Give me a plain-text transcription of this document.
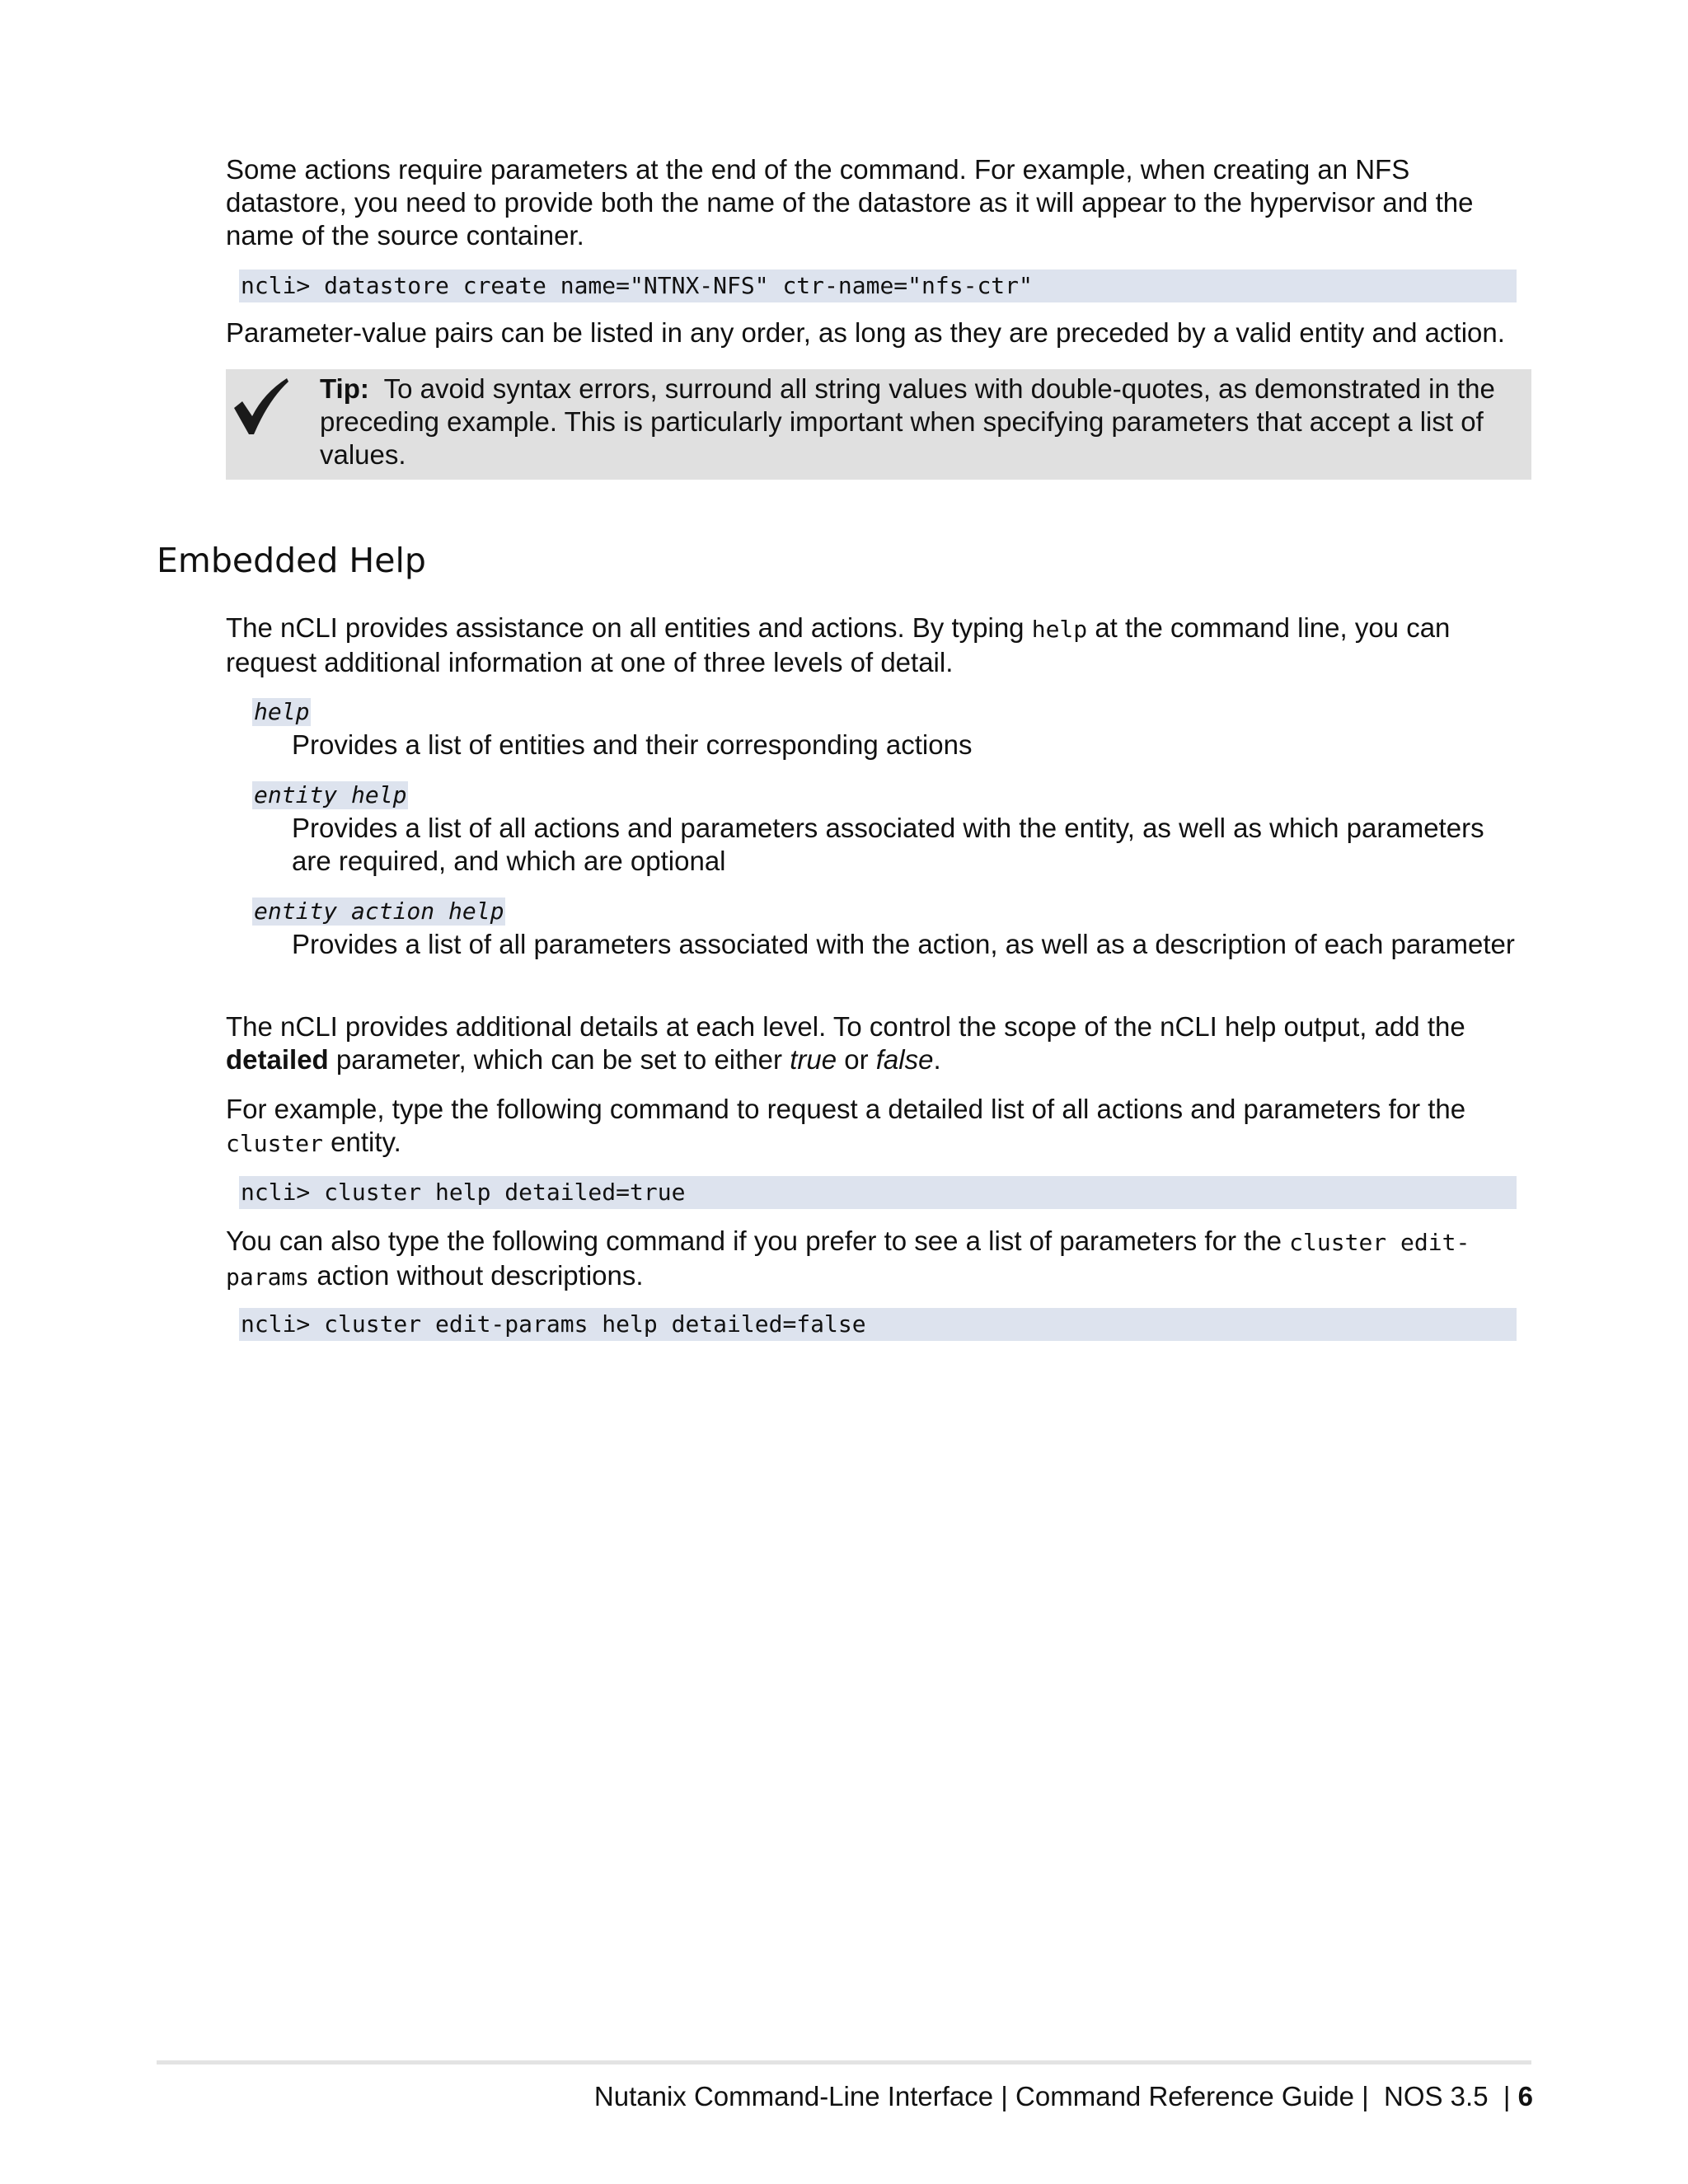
Some actions require parameters at the end of the command. For example, when creating an NFS datastore, you need to provide both the name of the datastore as it will appear to the hypervisor and the name of the source container.

ncli> datastore create name="NTNX-NFS" ctr-name="nfs-ctr"

Parameter-value pairs can be listed in any order, as long as they are preceded by a valid entity and action.

Tip: To avoid syntax errors, surround all string values with double-quotes, as demonstrated in the preceding example. This is particularly important when specifying parameters that accept a list of values.
Embedded Help

The nCLI provides assistance on all entities and actions. By typing help at the command line, you can request additional information at one of three levels of detail.

help
Provides a list of entities and their corresponding actions
entity help
Provides a list of all actions and parameters associated with the entity, as well as which parameters are required, and which are optional
entity action help
Provides a list of all parameters associated with the action, as well as a description of each parameter

The nCLI provides additional details at each level. To control the scope of the nCLI help output, add the detailed parameter, which can be set to either true or false.

For example, type the following command to request a detailed list of all actions and parameters for the cluster entity.

ncli> cluster help detailed=true

You can also type the following command if you prefer to see a list of parameters for the cluster edit-params action without descriptions.

ncli> cluster edit-params help detailed=false
Nutanix Command-Line Interface | Command Reference Guide |  NOS 3.5  | 6
